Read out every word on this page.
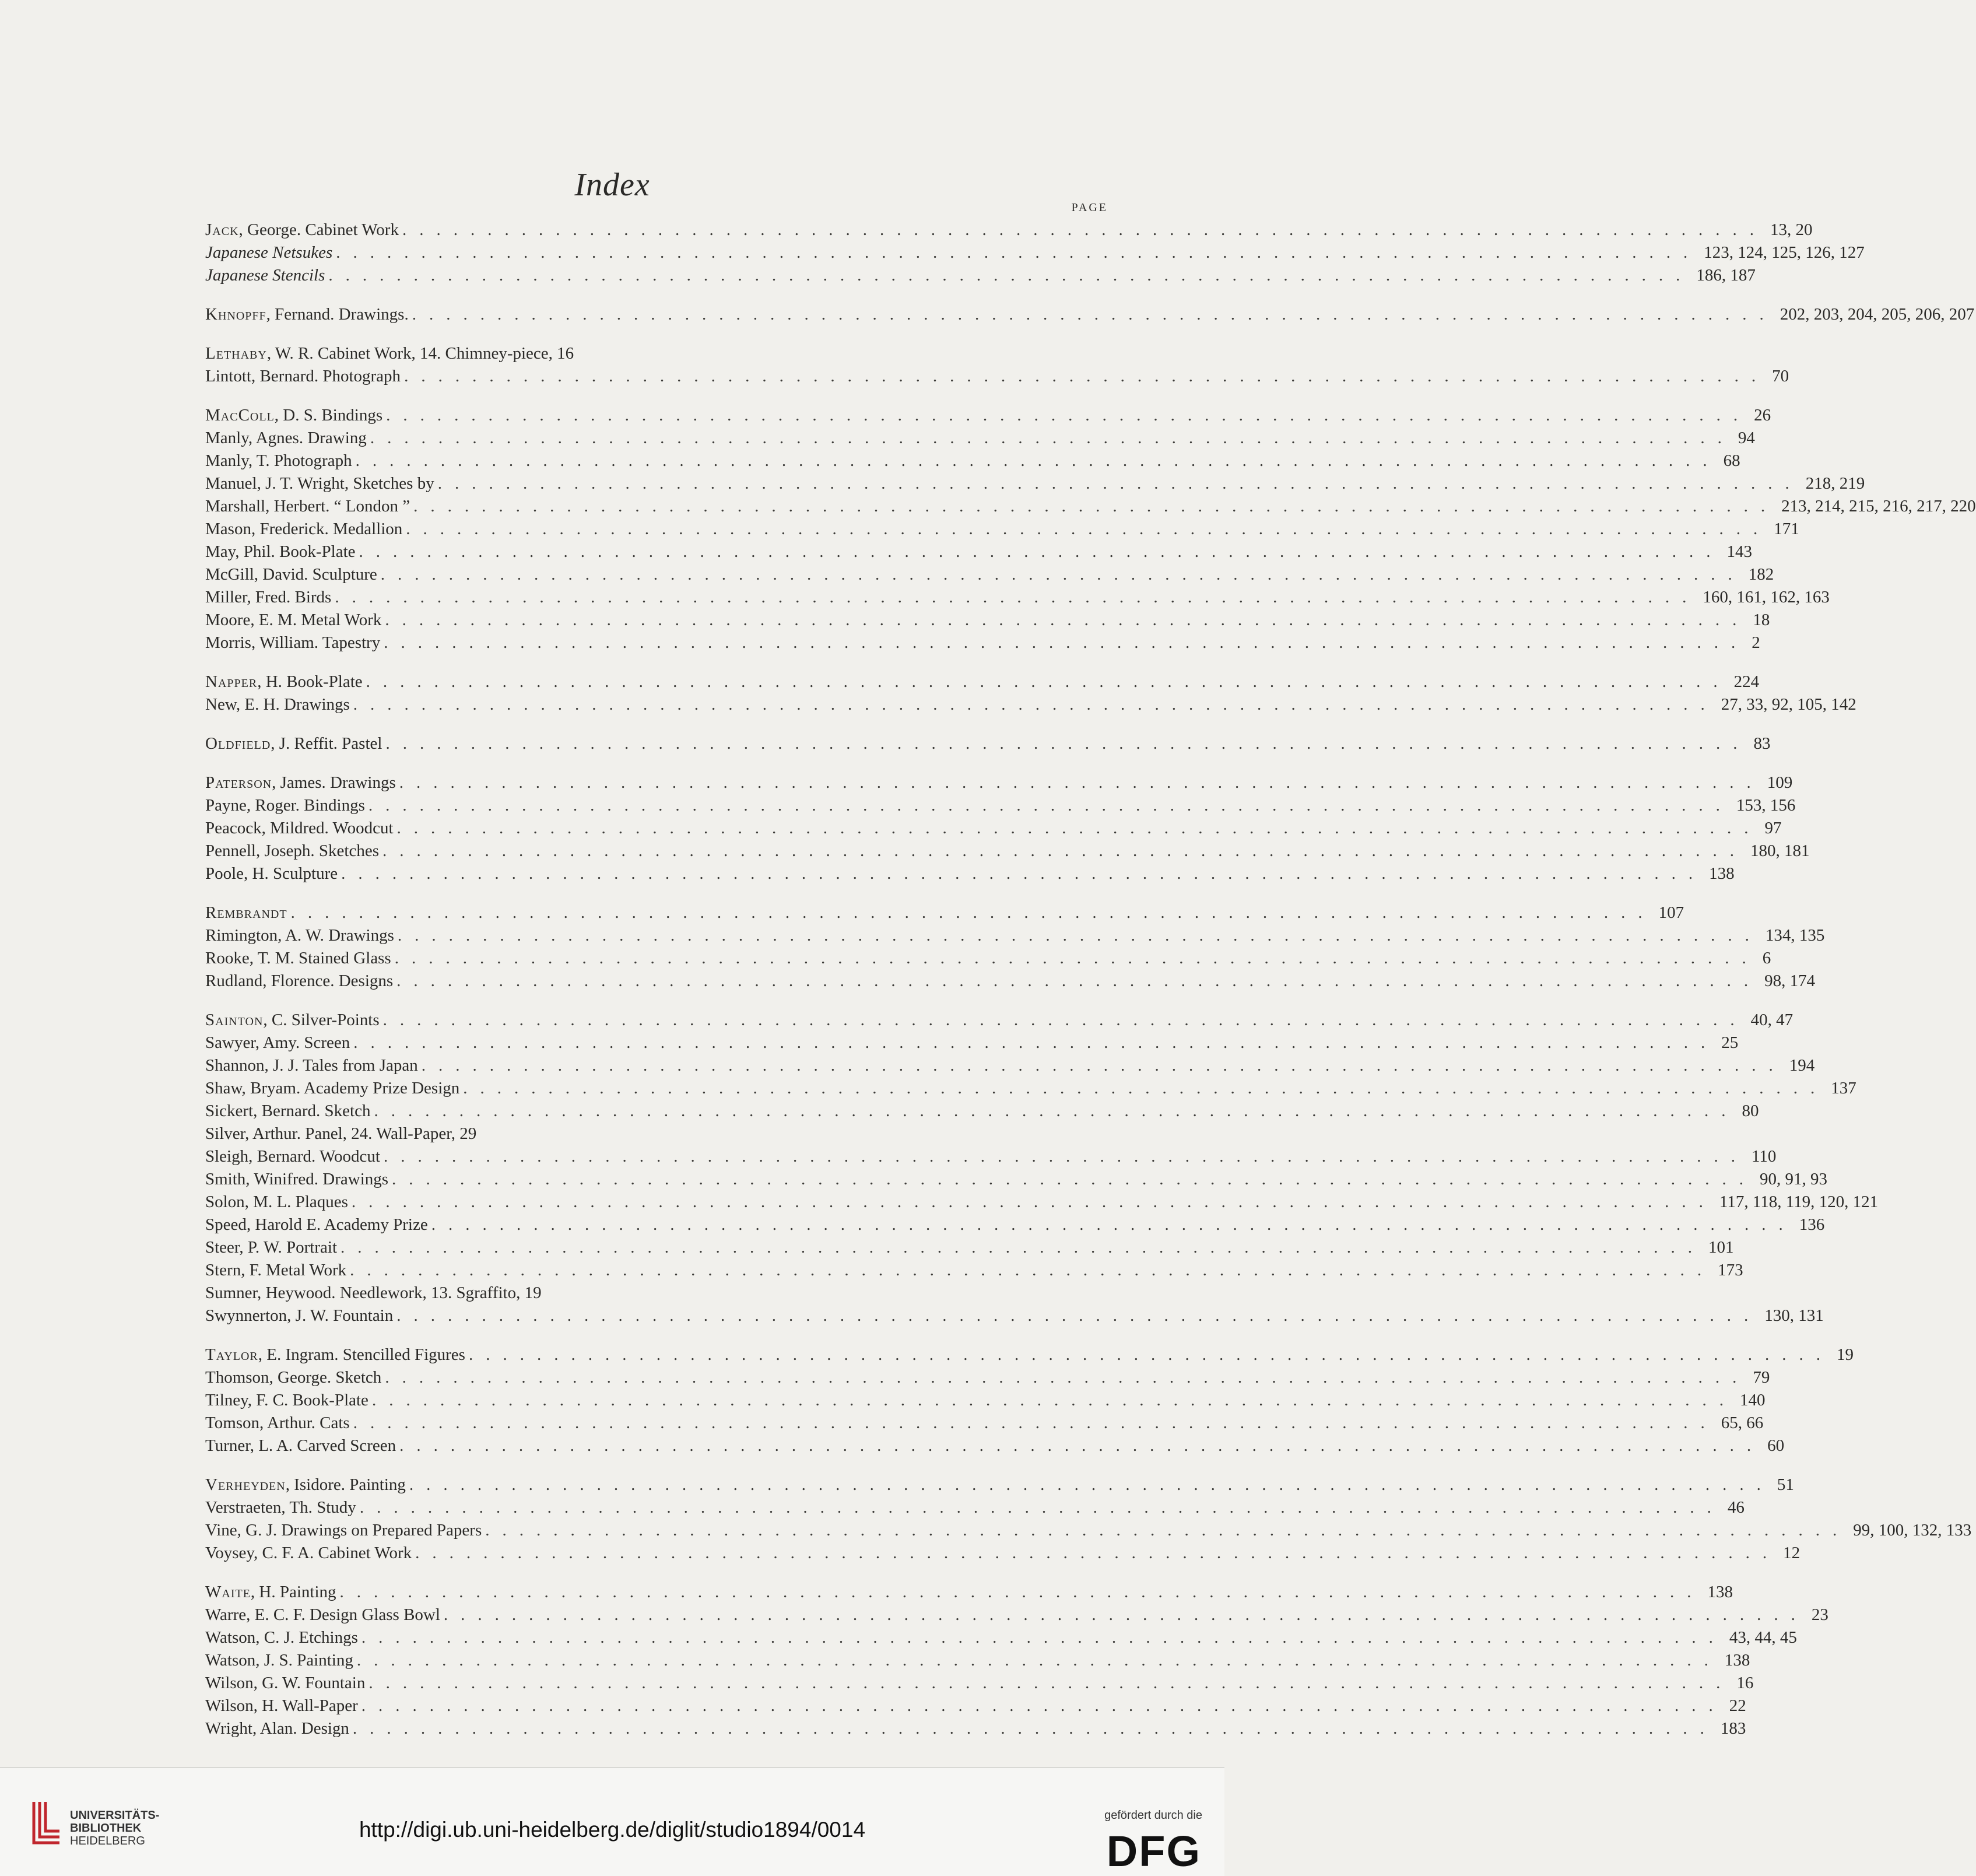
Index
PAGE
Jack, George. Cabinet Work ................................................................................ 13, 20
Japanese Netsukes ................................................................................ 123, 124, 125, 126, 127
Japanese Stencils ................................................................................ 186, 187
Khnopff, Fernand. Drawings. ................................................................................ 202, 203, 204, 205, 206, 207
Lethaby, W. R. Cabinet Work, 14. Chimney-piece, 16
Lintott, Bernard. Photograph ................................................................................ 70
MacColl, D. S. Bindings ................................................................................ 26
Manly, Agnes. Drawing ................................................................................ 94
Manly, T. Photograph ................................................................................ 68
Manuel, J. T. Wright, Sketches by ................................................................................ 218, 219
Marshall, Herbert. “ London ” ................................................................................ 213, 214, 215, 216, 217, 220
Mason, Frederick. Medallion ................................................................................ 171
May, Phil. Book-Plate ................................................................................ 143
McGill, David. Sculpture ................................................................................ 182
Miller, Fred. Birds ................................................................................ 160, 161, 162, 163
Moore, E. M. Metal Work ................................................................................ 18
Morris, William. Tapestry ................................................................................ 2
Napper, H. Book-Plate ................................................................................ 224
New, E. H. Drawings ................................................................................ 27, 33, 92, 105, 142
Oldfield, J. Reffit. Pastel ................................................................................ 83
Paterson, James. Drawings ................................................................................ 109
Payne, Roger. Bindings ................................................................................ 153, 156
Peacock, Mildred. Woodcut ................................................................................ 97
Pennell, Joseph. Sketches ................................................................................ 180, 181
Poole, H. Sculpture ................................................................................ 138
Rembrandt ................................................................................ 107
Rimington, A. W. Drawings ................................................................................ 134, 135
Rooke, T. M. Stained Glass ................................................................................ 6
Rudland, Florence. Designs ................................................................................ 98, 174
Sainton, C. Silver-Points ................................................................................ 40, 47
Sawyer, Amy. Screen ................................................................................ 25
Shannon, J. J. Tales from Japan ................................................................................ 194
Shaw, Bryam. Academy Prize Design ................................................................................ 137
Sickert, Bernard. Sketch ................................................................................ 80
Silver, Arthur. Panel, 24. Wall-Paper, 29
Sleigh, Bernard. Woodcut ................................................................................ 110
Smith, Winifred. Drawings ................................................................................ 90, 91, 93
Solon, M. L. Plaques ................................................................................ 117, 118, 119, 120, 121
Speed, Harold E. Academy Prize ................................................................................ 136
Steer, P. W. Portrait ................................................................................ 101
Stern, F. Metal Work ................................................................................ 173
Sumner, Heywood. Needlework, 13. Sgraffito, 19
Swynnerton, J. W. Fountain ................................................................................ 130, 131
Taylor, E. Ingram. Stencilled Figures ................................................................................ 19
Thomson, George. Sketch ................................................................................ 79
Tilney, F. C. Book-Plate ................................................................................ 140
Tomson, Arthur. Cats ................................................................................ 65, 66
Turner, L. A. Carved Screen ................................................................................ 60
Verheyden, Isidore. Painting ................................................................................ 51
Verstraeten, Th. Study ................................................................................ 46
Vine, G. J. Drawings on Prepared Papers ................................................................................ 99, 100, 132, 133
Voysey, C. F. A. Cabinet Work ................................................................................ 12
Waite, H. Painting ................................................................................ 138
Warre, E. C. F. Design Glass Bowl ................................................................................ 23
Watson, C. J. Etchings ................................................................................ 43, 44, 45
Watson, J. S. Painting ................................................................................ 138
Wilson, G. W. Fountain ................................................................................ 16
Wilson, H. Wall-Paper ................................................................................ 22
Wright, Alan. Design ................................................................................ 183
UNIVERSITÄTS-
BIBLIOTHEK
HEIDELBERG	http://digi.ub.uni-heidelberg.de/diglit/studio1894/0014
gefördert durch die
DFG
